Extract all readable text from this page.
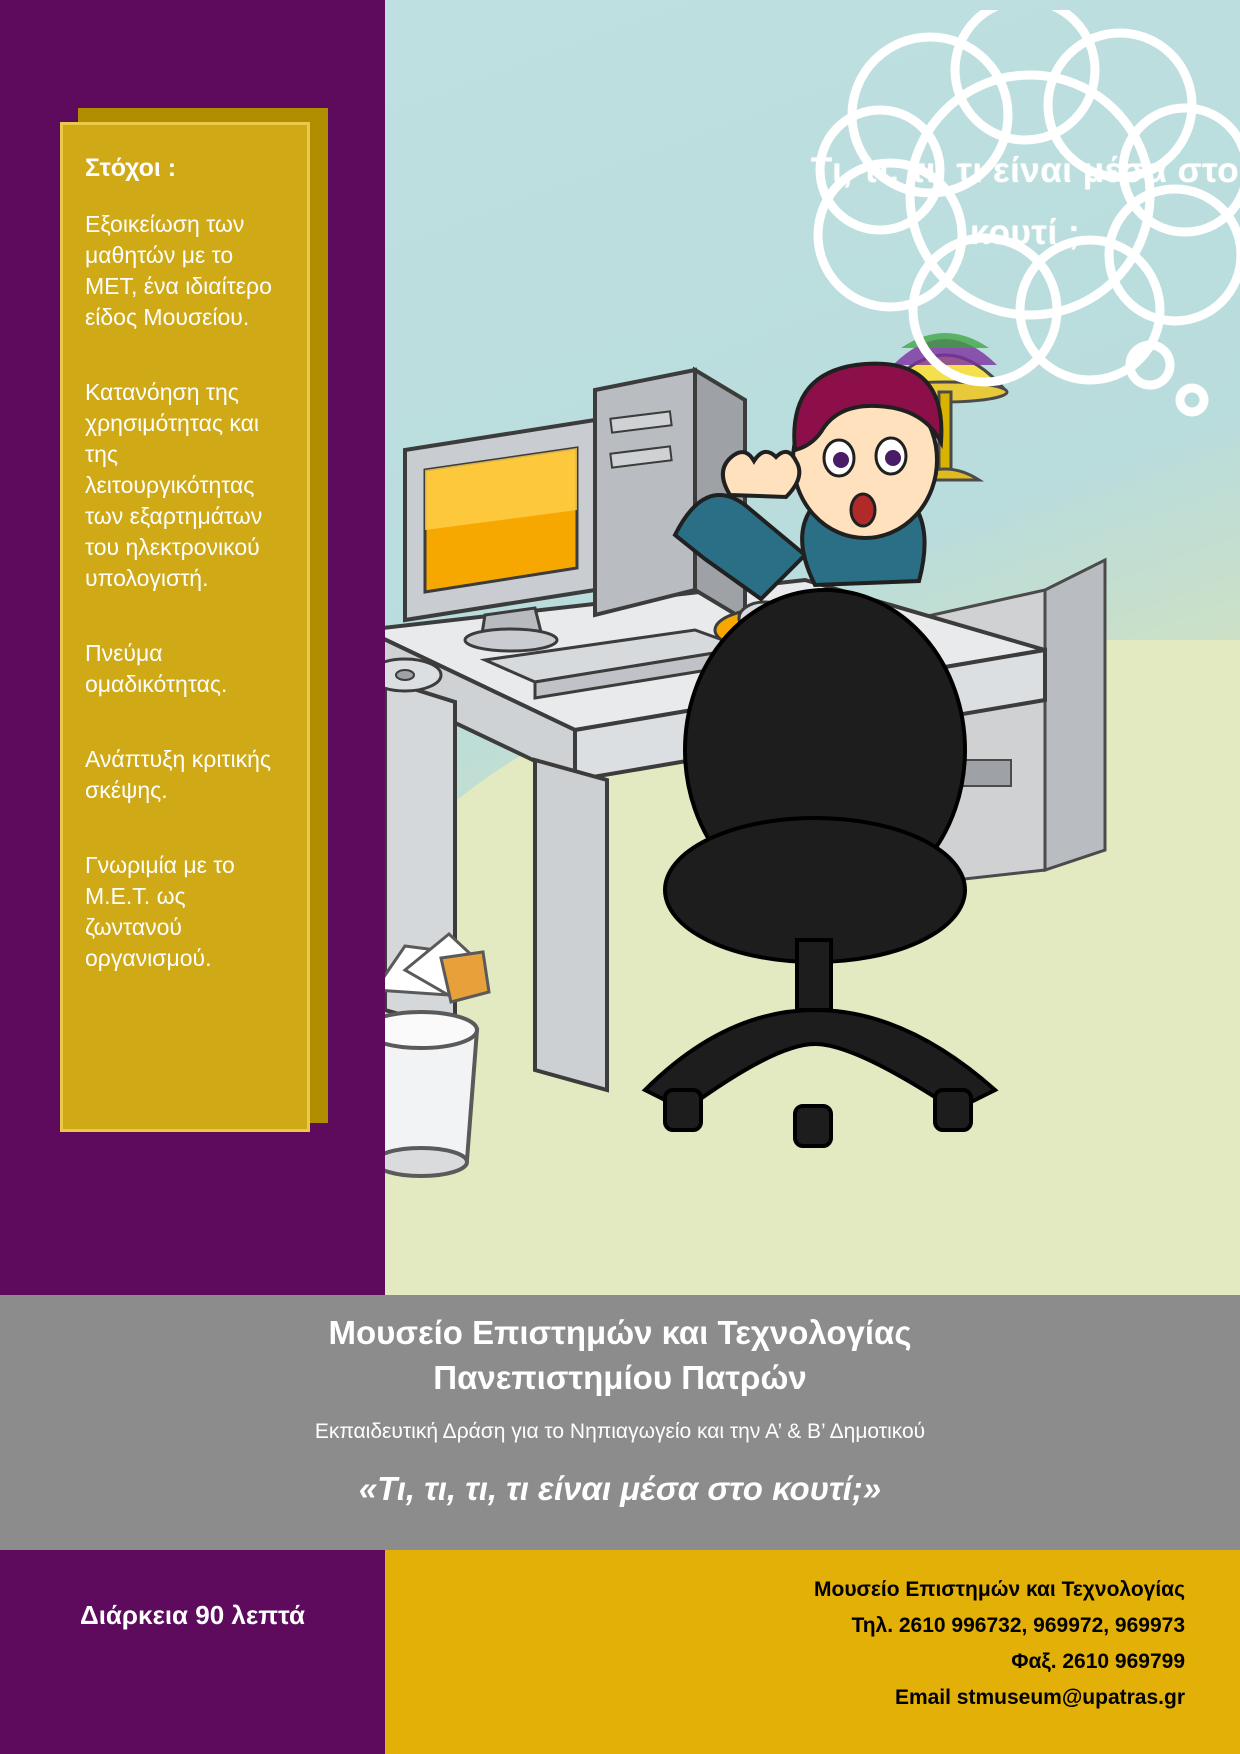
Τι, τι, τι, τι είναι μέσα στο κουτί ;
Στόχοι :
Εξοικείωση των μαθητών με το ΜΕΤ, ένα ιδιαίτερο είδος Μουσείου.
Κατανόηση της χρησιμότητας και της λειτουργικότητας των εξαρτημάτων του ηλεκτρονικού υπολογιστή.
Πνεύμα ομαδικότητας.
Ανάπτυξη κριτικής σκέψης.
Γνωριμία με το Μ.Ε.Τ. ως ζωντανού οργανισμού.
Μουσείο Επιστημών και Τεχνολογίας
Πανεπιστημίου Πατρών
Εκπαιδευτική Δράση για το Νηπιαγωγείο και την Α’ & Β’ Δημοτικού
«Τι, τι, τι, τι είναι μέσα στο κουτί;»
Διάρκεια 90 λεπτά
Μουσείο Επιστημών και Τεχνολογίας
Τηλ. 2610 996732, 969972, 969973
Φαξ. 2610 969799
Email stmuseum@upatras.gr
